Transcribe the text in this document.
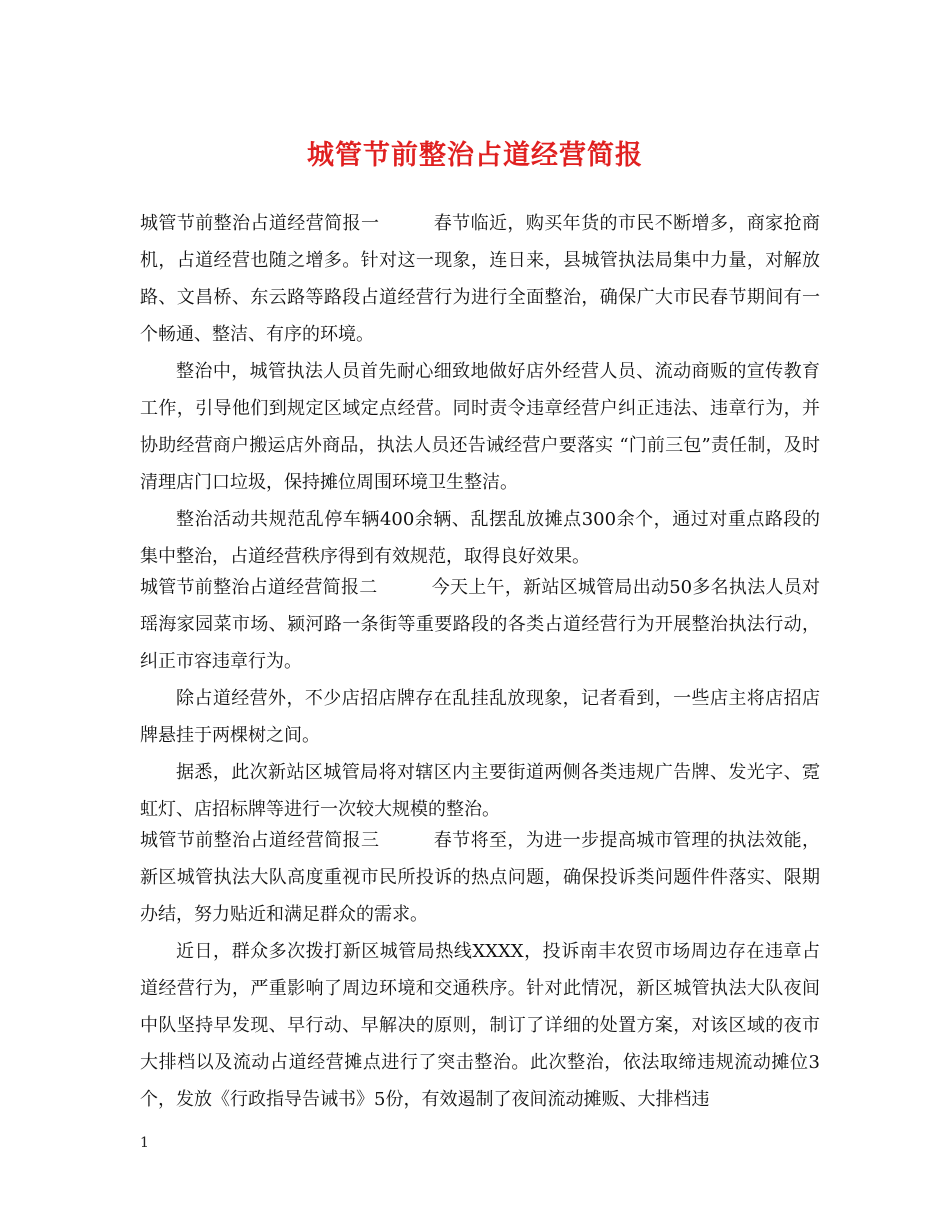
城管节前整治占道经营简报

城管节前整治占道经营简报一	春节临近，购买年货的市民不断增多，商家抢商机，占道经营也随之增多。针对这一现象，连日来，县城管执法局集中力量，对解放路、文昌桥、东云路等路段占道经营行为进行全面整治，确保广大市民春节期间有一个畅通、整洁、有序的环境。

整治中，城管执法人员首先耐心细致地做好店外经营人员、流动商贩的宣传教育工作，引导他们到规定区域定点经营。同时责令违章经营户纠正违法、违章行为，并协助经营商户搬运店外商品，执法人员还告诫经营户要落实 “门前三包”责任制，及时清理店门口垃圾，保持摊位周围环境卫生整洁。

整治活动共规范乱停车辆400余辆、乱摆乱放摊点300余个，通过对重点路段的集中整治，占道经营秩序得到有效规范，取得良好效果。

城管节前整治占道经营简报二	今天上午，新站区城管局出动50多名执法人员对瑶海家园菜市场、颍河路一条街等重要路段的各类占道经营行为开展整治执法行动，纠正市容违章行为。

除占道经营外，不少店招店牌存在乱挂乱放现象，记者看到，一些店主将店招店牌悬挂于两棵树之间。

据悉，此次新站区城管局将对辖区内主要街道两侧各类违规广告牌、发光字、霓虹灯、店招标牌等进行一次较大规模的整治。

城管节前整治占道经营简报三	春节将至，为进一步提高城市管理的执法效能，新区城管执法大队高度重视市民所投诉的热点问题，确保投诉类问题件件落实、限期办结，努力贴近和满足群众的需求。

近日，群众多次拨打新区城管局热线XXXX，投诉南丰农贸市场周边存在违章占道经营行为，严重影响了周边环境和交通秩序。针对此情况，新区城管执法大队夜间中队坚持早发现、早行动、早解决的原则，制订了详细的处置方案，对该区域的夜市大排档以及流动占道经营摊点进行了突击整治。此次整治，依法取缔违规流动摊位3个，发放《行政指导告诫书》5份，有效遏制了夜间流动摊贩、大排档违

1
